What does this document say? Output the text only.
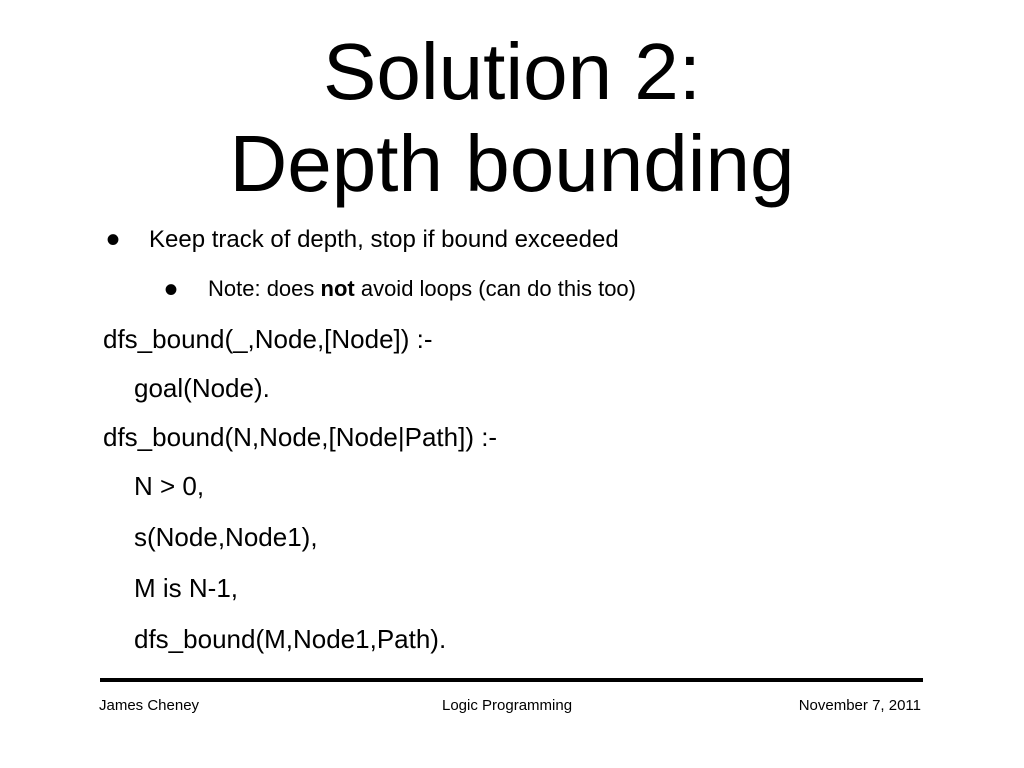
Solution 2:
Depth bounding
• Keep track of depth, stop if bound exceeded
• Note: does not avoid loops (can do this too)
dfs_bound(_,Node,[Node]) :-
goal(Node).
dfs_bound(N,Node,[Node|Path]) :-
N > 0,
s(Node,Node1),
M is N-1,
dfs_bound(M,Node1,Path).
James Cheney	Logic Programming	November 7, 2011
